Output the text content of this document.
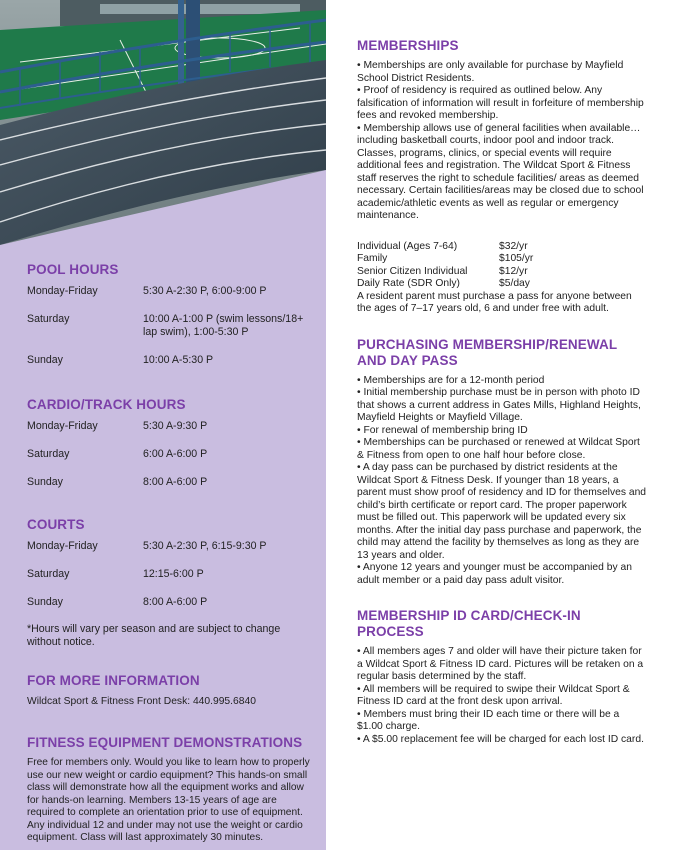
POOL HOURS
Monday-Friday	5:30 A-2:30 P, 6:00-9:00 P
Saturday	10:00 A-1:00 P (swim lessons/18+ lap swim), 1:00-5:30 P
Sunday	10:00 A-5:30 P
CARDIO/TRACK HOURS
Monday-Friday	5:30 A-9:30 P
Saturday	6:00 A-6:00 P
Sunday	8:00 A-6:00 P
COURTS
Monday-Friday	5:30 A-2:30 P, 6:15-9:30 P
Saturday	12:15-6:00 P
Sunday	8:00 A-6:00 P

*Hours will vary per season and are subject to change without notice.

FOR MORE INFORMATION
Wildcat Sport & Fitness Front Desk: 440.995.6840
FITNESS EQUIPMENT DEMONSTRATIONS

Free for members only. Would you like to learn how to properly use our new weight or cardio equipment? This hands-on small class will demonstrate how all the equipment works and allow for hands-on learning. Members 13-15 years of age are required to complete an orientation prior to use of equipment. Any individual 12 and under may not use the weight or cardio equipment. Class will last approximately 30 minutes.

MEMBERSHIPS
• Memberships are only available for purchase by Mayfield School District Residents.
• Proof of residency is required as outlined below. Any falsification of information will result in forfeiture of membership fees and revoked membership.
• Membership allows use of general facilities when available…including basketball courts, indoor pool and indoor track. Classes, programs, clinics, or special events will require additional fees and registration. The Wildcat Sport & Fitness staff reserves the right to schedule facilities/ areas as deemed necessary. Certain facilities/areas may be closed due to school academic/athletic events as well as regular or emergency maintenance.
Individual (Ages 7-64)	$32/yr
Family	$105/yr
Senior Citizen Individual	$12/yr
Daily Rate (SDR Only)	$5/day

A resident parent must purchase a pass for anyone between the ages of 7–17 years old, 6 and under free with adult.

PURCHASING MEMBERSHIP/RENEWAL AND DAY PASS
• Memberships are for a 12-month period
• Initial membership purchase must be in person with photo ID that shows a current address in Gates Mills, Highland Heights, Mayfield Heights or Mayfield Village.
• For renewal of membership bring ID
• Memberships can be purchased or renewed at Wildcat Sport & Fitness from open to one half hour before close.
• A day pass can be purchased by district residents at the Wildcat Sport & Fitness Desk. If younger than 18 years, a parent must show proof of residency and ID for themselves and child’s birth certificate or report card. The proper paperwork must be filled out. This paperwork will be updated every six months. After the initial day pass purchase and paperwork, the child may attend the facility by themselves as long as they are 13 years and older.
• Anyone 12 years and younger must be accompanied by an adult member or a paid day pass adult visitor.
MEMBERSHIP ID CARD/CHECK-IN PROCESS
• All members ages 7 and older will have their picture taken for a Wildcat Sport & Fitness ID card. Pictures will be retaken on a regular basis determined by the staff.
• All members will be required to swipe their Wildcat Sport & Fitness ID card at the front desk upon arrival.
• Members must bring their ID each time or there will be a $1.00 charge.
• A $5.00 replacement fee will be charged for each lost ID card.
